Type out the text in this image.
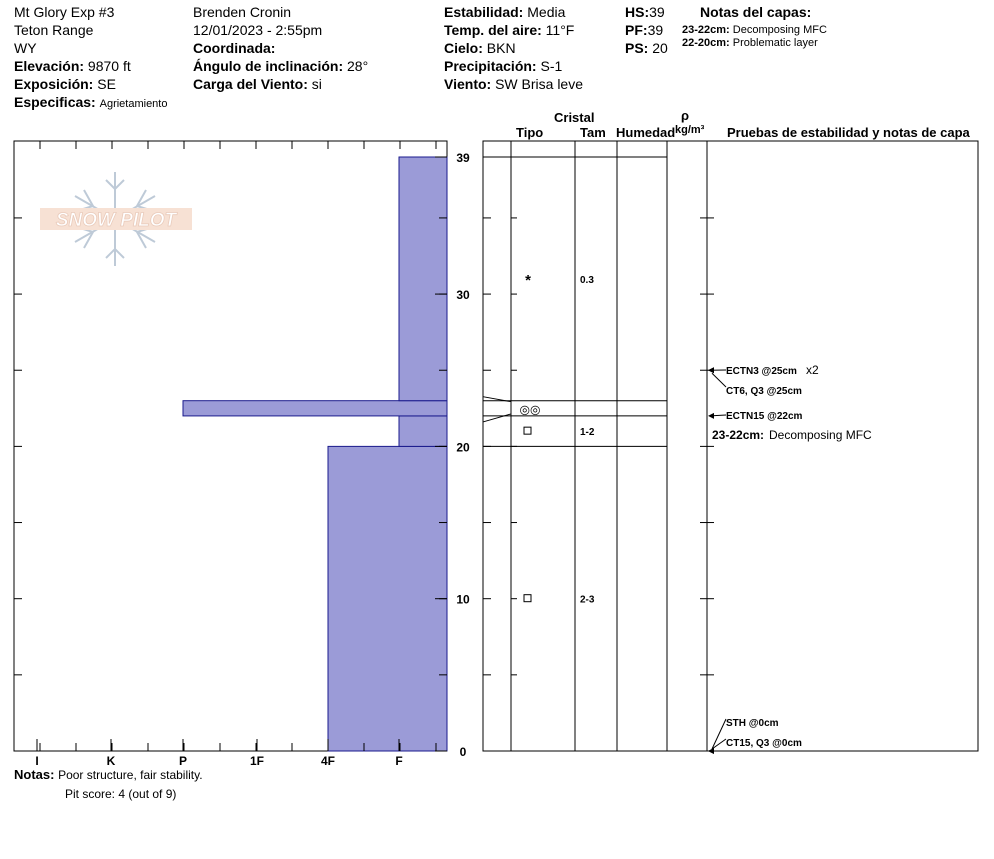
Mt Glory Exp #3
Teton Range
WY
Elevación: 9870 ft
Exposición: SE
Especificas: Agrietamiento
Brenden Cronin
12/01/2023 - 2:55pm
Coordinada:
Ángulo de inclinación: 28°
Carga del Viento: si
Estabilidad: Media
Temp. del aire: 11°F
Cielo: BKN
Precipitación: S-1
Viento: SW Brisa leve
HS:39
PF:39
PS: 20
Notas del capas:
23-22cm: Decomposing MFC
22-20cm: Problematic layer
Cristal
Tipo	Tam Humedad
ρ
kg/m³ Pruebas de estabilidad y notas de capa
SNOW PILOT
I	K	P	1F	4F	F
0
10
20
30
39
*	0.3
◎◎
1-2
2-3
ECTN3 @25cm x2
CT6, Q3 @25cm
ECTN15 @22cm
STH @0cm
CT15, Q3 @0cm
23-22cm: Decomposing MFC
Notas: Poor structure, fair stability.
Pit score: 4 (out of 9)
